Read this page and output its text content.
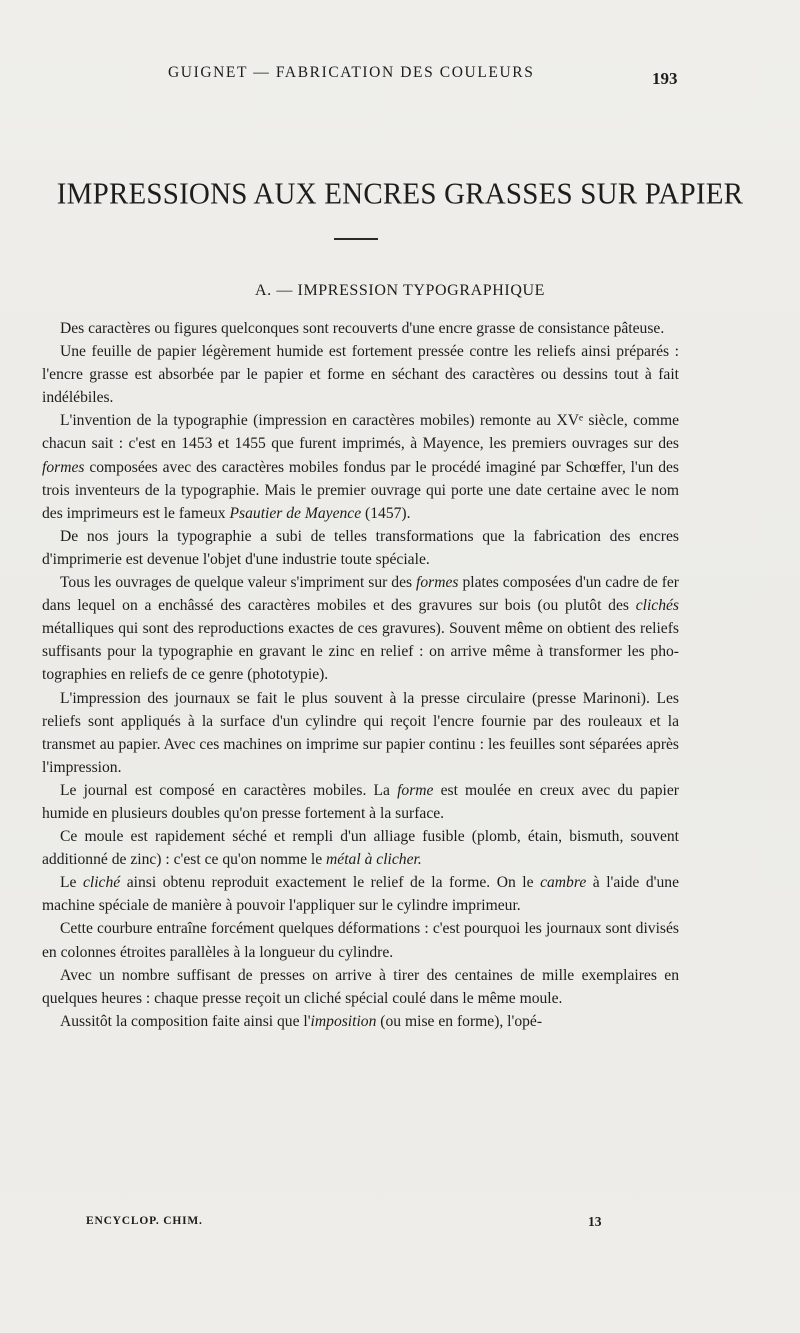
GUIGNET — FABRICATION DES COULEURS	193
IMPRESSIONS AUX ENCRES GRASSES SUR PAPIER
A. — IMPRESSION TYPOGRAPHIQUE

Des caractères ou figures quelconques sont recouverts d'une encre grasse de consistance pâteuse.

Une feuille de papier légèrement humide est fortement pressée contre les reliefs ainsi préparés : l'encre grasse est absorbée par le papier et forme en séchant des caractères ou dessins tout à fait indélébiles.

L'invention de la typographie (impression en caractères mobiles) remonte au XVᵉ siècle, comme chacun sait : c'est en 1453 et 1455 que furent imprimés, à Mayence, les premiers ouvrages sur des formes composées avec des caractères mobiles fondus par le procédé imaginé par Schœffer, l'un des trois inventeurs de la typographie. Mais le premier ouvrage qui porte une date certaine avec le nom des imprimeurs est le fameux Psautier de Mayence (1457).

De nos jours la typographie a subi de telles transformations que la fabrication des encres d'imprimerie est devenue l'objet d'une industrie toute spéciale.

Tous les ouvrages de quelque valeur s'impriment sur des formes plates composées d'un cadre de fer dans lequel on a enchâssé des caractères mobiles et des gravures sur bois (ou plutôt des clichés métalliques qui sont des reproductions exactes de ces gravures). Souvent même on obtient des reliefs suffisants pour la typographie en gravant le zinc en relief : on arrive même à transformer les photographies en reliefs de ce genre (phototypie).

L'impression des journaux se fait le plus souvent à la presse circulaire (presse Marinoni). Les reliefs sont appliqués à la surface d'un cylindre qui reçoit l'encre fournie par des rouleaux et la transmet au papier. Avec ces machines on imprime sur papier continu : les feuilles sont séparées après l'impression.

Le journal est composé en caractères mobiles. La forme est moulée en creux avec du papier humide en plusieurs doubles qu'on presse fortement à la surface.

Ce moule est rapidement séché et rempli d'un alliage fusible (plomb, étain, bismuth, souvent additionné de zinc) : c'est ce qu'on nomme le métal à clicher.

Le cliché ainsi obtenu reproduit exactement le relief de la forme. On le cambre à l'aide d'une machine spéciale de manière à pouvoir l'appliquer sur le cylindre imprimeur.

Cette courbure entraîne forcément quelques déformations : c'est pourquoi les journaux sont divisés en colonnes étroites parallèles à la longueur du cylindre.

Avec un nombre suffisant de presses on arrive à tirer des centaines de mille exemplaires en quelques heures : chaque presse reçoit un cliché spécial coulé dans le même moule.

Aussitôt la composition faite ainsi que l'imposition (ou mise en forme), l'opé-

ENCYCLOP. CHIM.	13
